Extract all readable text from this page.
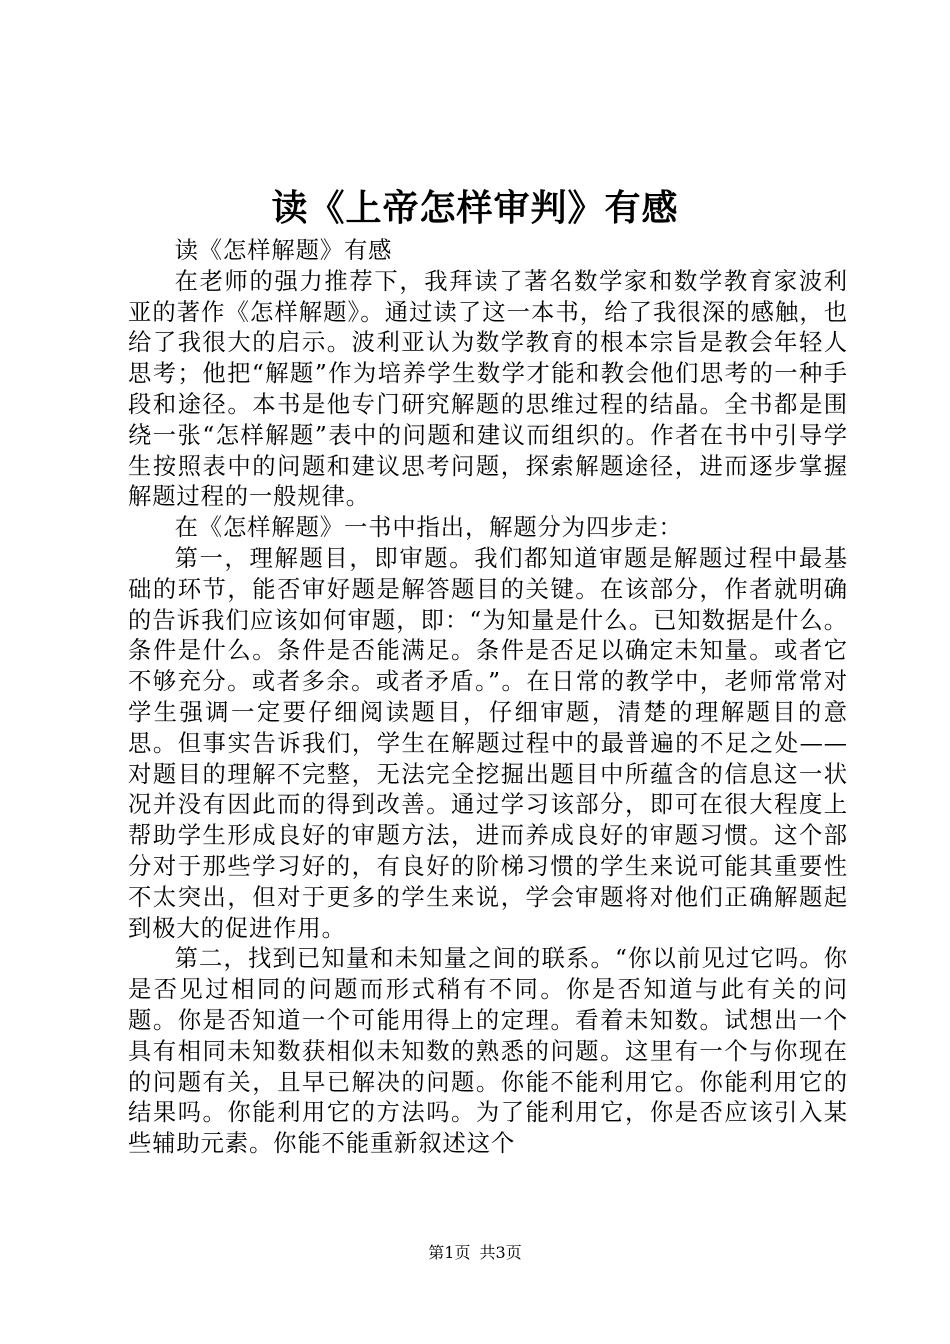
读《上帝怎样审判》有感

读《怎样解题》有感

在老师的强力推荐下，我拜读了著名数学家和数学教育家波利亚的著作《怎样解题》。通过读了这一本书，给了我很深的感触，也给了我很大的启示。波利亚认为数学教育的根本宗旨是教会年轻人思考；他把“解题”作为培养学生数学才能和教会他们思考的一种手段和途径。本书是他专门研究解题的思维过程的结晶。全书都是围绕一张“怎样解题”表中的问题和建议而组织的。作者在书中引导学生按照表中的问题和建议思考问题，探索解题途径，进而逐步掌握解题过程的一般规律。

在《怎样解题》一书中指出，解题分为四步走：

第一，理解题目，即审题。我们都知道审题是解题过程中最基础的环节，能否审好题是解答题目的关键。在该部分，作者就明确的告诉我们应该如何审题，即：“为知量是什么。已知数据是什么。条件是什么。条件是否能满足。条件是否足以确定未知量。或者它不够充分。或者多余。或者矛盾。”。在日常的教学中，老师常常对学生强调一定要仔细阅读题目，仔细审题，清楚的理解题目的意思。但事实告诉我们，学生在解题过程中的最普遍的不足之处——对题目的理解不完整，无法完全挖掘出题目中所蕴含的信息这一状况并没有因此而的得到改善。通过学习该部分，即可在很大程度上帮助学生形成良好的审题方法，进而养成良好的审题习惯。这个部分对于那些学习好的，有良好的阶梯习惯的学生来说可能其重要性不太突出，但对于更多的学生来说，学会审题将对他们正确解题起到极大的促进作用。

第二，找到已知量和未知量之间的联系。“你以前见过它吗。你是否见过相同的问题而形式稍有不同。你是否知道与此有关的问题。你是否知道一个可能用得上的定理。看着未知数。试想出一个具有相同未知数获相似未知数的熟悉的问题。这里有一个与你现在的问题有关，且早已解决的问题。你能不能利用它。你能利用它的结果吗。你能利用它的方法吗。为了能利用它，你是否应该引入某些辅助元素。你能不能重新叙述这个

第1页 共3页
